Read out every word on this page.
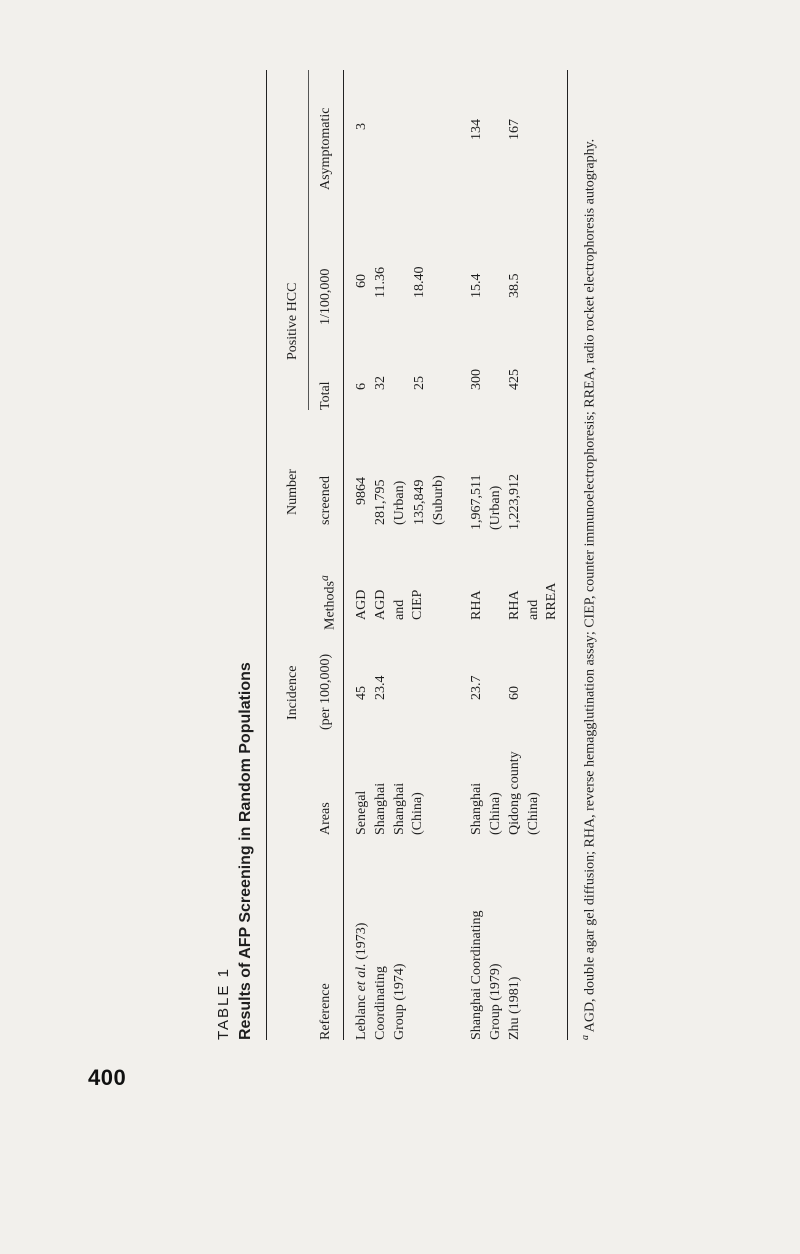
400
TABLE 1 Results of AFP Screening in Random Populations	Reference
Areas
Incidence (per 100,000)
Methods$^a$
Number screened
Positive HCC
Total
1/100,000
Asymptomatic
Leblanc et al. (1973)
Senegal
45
AGD
9864
6
60
3
Coordinating Group (1974)
Shanghai Shanghai (China)
23.4
AGD and CIEP
281,795 (Urban)
32
11.36
135,849 (Suburb)
25
18.40
Shanghai Coordinating Group (1979)
Shanghai (China)
23.7
RHA
1,967,511 (Urban)
300
15.4
134
Zhu (1981)
Qidong county (China)
60
RHA and RREA
1,223,912
425
38.5
167
$^a$ AGD, double agar gel diffusion; RHA, reverse hemagglutination assay; CIEP, counter immunoelectrophoresis; RREA, radio rocket electrophoresis autography.
